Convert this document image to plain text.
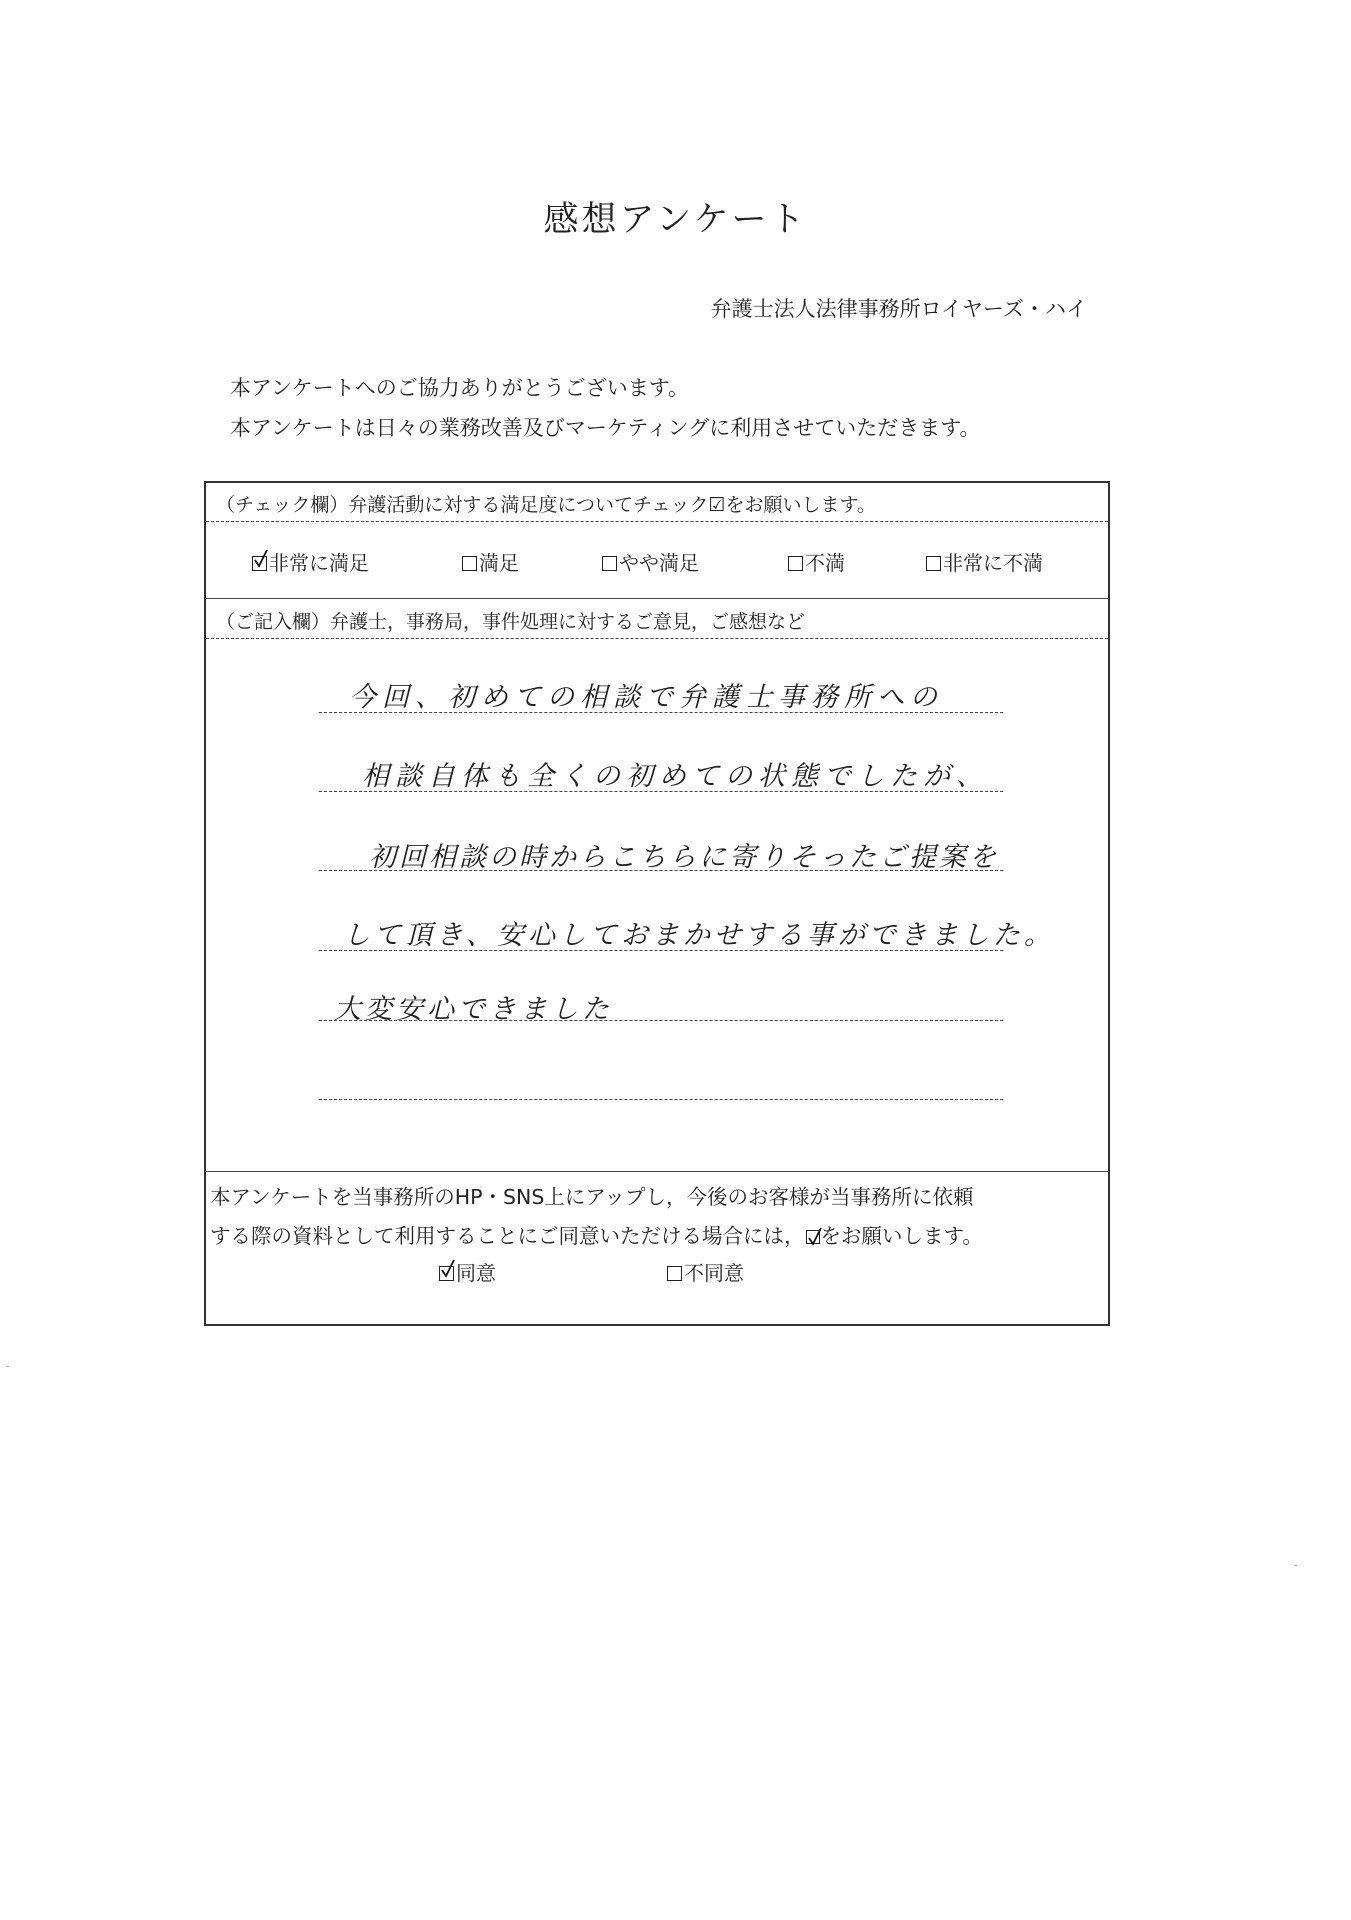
感想アンケート
弁護士法人法律事務所ロイヤーズ・ハイ
本アンケートへのご協力ありがとうございます。
本アンケートは日々の業務改善及びマーケティングに利用させていただきます。
（チェック欄）弁護活動に対する満足度についてチェック☑をお願いします。
非常に満足	満足	やや満足	不満	非常に不満
（ご記入欄）弁護士，事務局，事件処理に対するご意見，ご感想など
今回、初めての相談で弁護士事務所への
相談自体も全くの初めての状態でしたが、
初回相談の時からこちらに寄りそったご提案を
して頂き、安心しておまかせする事ができました。
大変安心できました
本アンケートを当事務所のHP・SNS上にアップし，今後のお客様が当事務所に依頼
する際の資料として利用することにご同意いただける場合には， をお願いします。
同意	不同意
